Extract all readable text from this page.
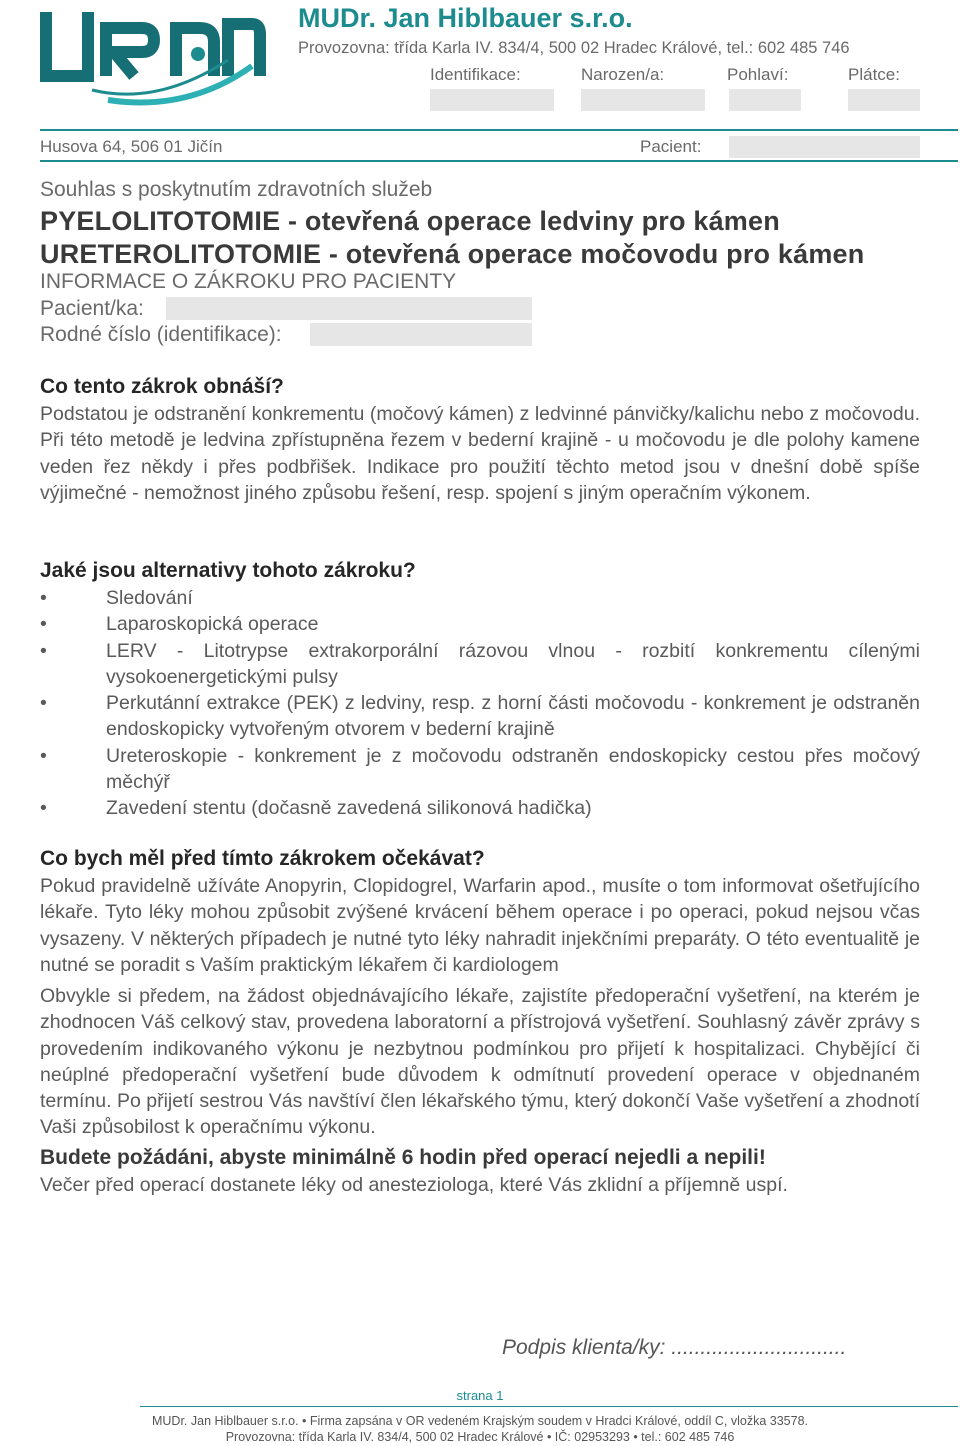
MUDr. Jan Hiblbauer s.r.o.
Provozovna: třída Karla IV. 834/4, 500 02 Hradec Králové, tel.: 602 485 746
Identifikace:	Narozen/a:	Pohlaví:	Plátce:
Husova 64, 506 01 Jičín	Pacient:
Souhlas s poskytnutím zdravotních služeb
PYELOLITOTOMIE - otevřená operace ledviny pro kámen
URETEROLITOTOMIE - otevřená operace močovodu pro kámen
INFORMACE O ZÁKROKU PRO PACIENTY
Pacient/ka:
Rodné číslo (identifikace):
Co tento zákrok obnáší?
Podstatou je odstranění konkrementu (močový kámen) z ledvinné pánvičky/kalichu nebo z močovodu. Při této metodě je ledvina zpřístupněna řezem v bederní krajině - u močovodu je dle polohy kamene veden řez někdy i přes podbřišek. Indikace pro použití těchto metod jsou v dnešní době spíše výjimečné - nemožnost jiného způsobu řešení, resp. spojení s jiným operačním výkonem.
Jaké jsou alternativy tohoto zákroku?
•	Sledování
•	Laparoskopická operace
•	LERV - Litotrypse extrakorporální rázovou vlnou - rozbití konkrementu cílenými vysokoenergetickými pulsy
•	Perkutánní extrakce (PEK) z ledviny, resp. z horní části močovodu - konkrement je odstraněn endoskopicky vytvořeným otvorem v bederní krajině
•	Ureteroskopie - konkrement je z močovodu odstraněn endoskopicky cestou přes močový měchýř
•	Zavedení stentu (dočasně zavedená silikonová hadička)
Co bych měl před tímto zákrokem očekávat?
Pokud pravidelně užíváte Anopyrin, Clopidogrel, Warfarin apod., musíte o tom informovat ošetřujícího lékaře. Tyto léky mohou způsobit zvýšené krvácení během operace i po operaci, pokud nejsou včas vysazeny. V některých případech je nutné tyto léky nahradit injekčními preparáty. O této eventualitě je nutné se poradit s Vaším praktickým lékařem či kardiologem
Obvykle si předem, na žádost objednávajícího lékaře, zajistíte předoperační vyšetření, na kterém je zhodnocen Váš celkový stav, provedena laboratorní a přístrojová vyšetření. Souhlasný závěr zprávy s provedením indikovaného výkonu je nezbytnou podmínkou pro přijetí k hospitalizaci. Chybějící či neúplné předoperační vyšetření bude důvodem k odmítnutí provedení operace v objednaném termínu. Po přijetí sestrou Vás navštíví člen lékařského týmu, který dokončí Vaše vyšetření a zhodnotí Vaši způsobilost k operačnímu výkonu.
Budete požádáni, abyste minimálně 6 hodin před operací nejedli a nepili!
Večer před operací dostanete léky od anesteziologa, které Vás zklidní a příjemně uspí.
Podpis klienta/ky: ..............................
strana 1
MUDr. Jan Hiblbauer s.r.o. • Firma zapsána v OR vedeném Krajským soudem v Hradci Králové, oddíl C, vložka 33578.
Provozovna: třída Karla IV. 834/4, 500 02 Hradec Králové • IČ: 02953293 • tel.: 602 485 746
